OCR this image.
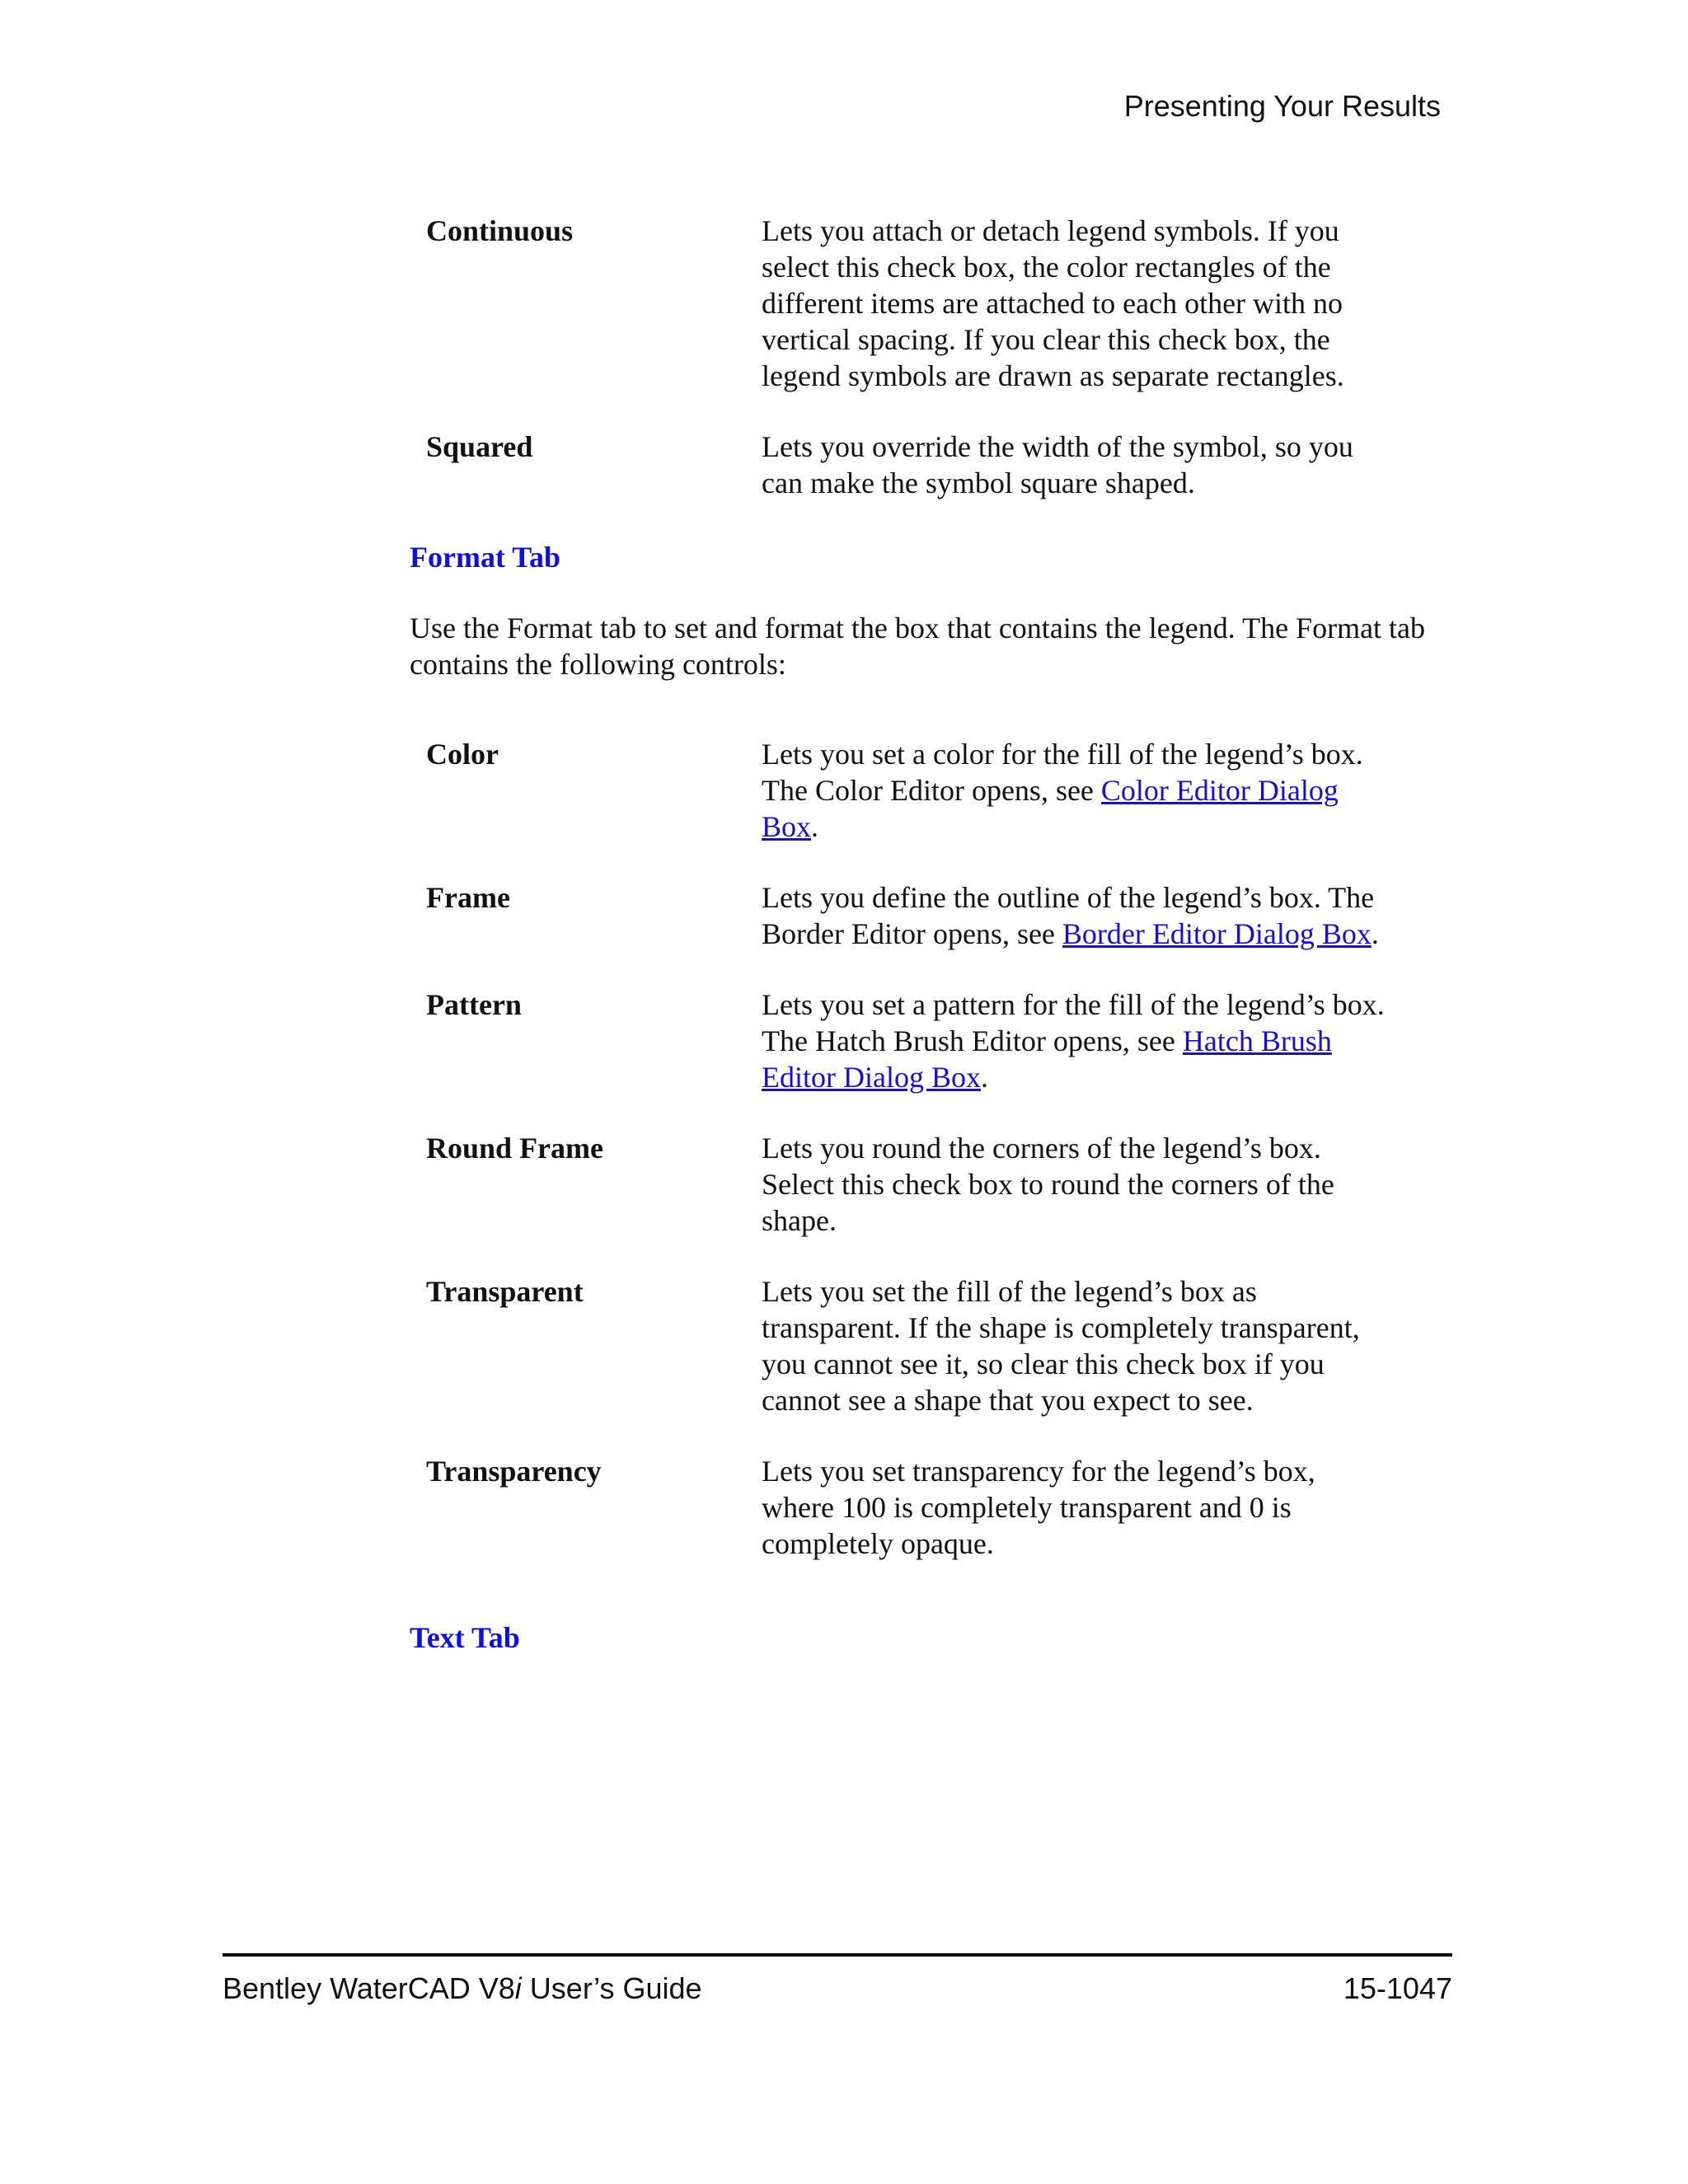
Presenting Your Results
Continuous	Lets you attach or detach legend symbols. If you select this check box, the color rectangles of the different items are attached to each other with no vertical spacing. If you clear this check box, the legend symbols are drawn as separate rectangles.
Squared	Lets you override the width of the symbol, so you can make the symbol square shaped.
Format Tab
Use the Format tab to set and format the box that contains the legend. The Format tab contains the following controls:
Color	Lets you set a color for the fill of the legend’s box. The Color Editor opens, see Color Editor Dialog Box.
Frame	Lets you define the outline of the legend’s box. The Border Editor opens, see Border Editor Dialog Box.
Pattern	Lets you set a pattern for the fill of the legend’s box. The Hatch Brush Editor opens, see Hatch Brush Editor Dialog Box.
Round Frame	Lets you round the corners of the legend’s box. Select this check box to round the corners of the shape.
Transparent	Lets you set the fill of the legend’s box as transparent. If the shape is completely transparent, you cannot see it, so clear this check box if you cannot see a shape that you expect to see.
Transparency	Lets you set transparency for the legend’s box, where 100 is completely transparent and 0 is completely opaque.
Text Tab
Bentley WaterCAD V8i User’s Guide	15-1047
